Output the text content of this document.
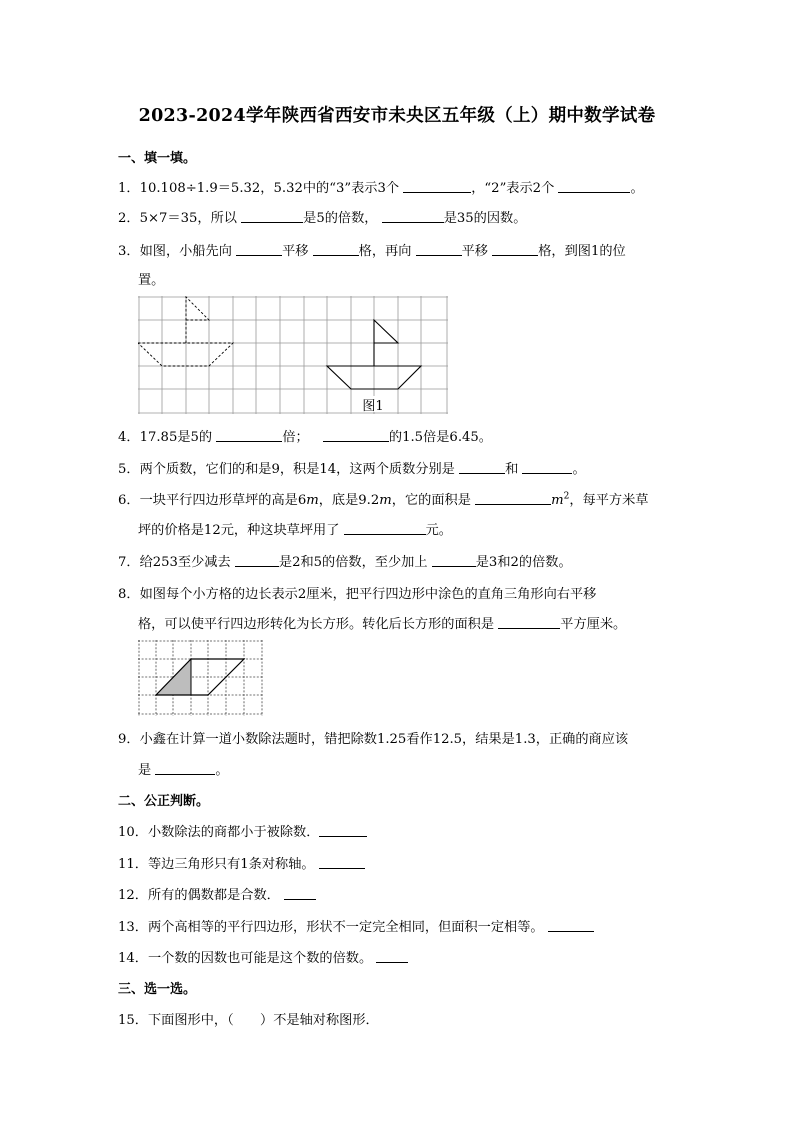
2023-2024学年陕西省西安市未央区五年级（上）期中数学试卷
一、填一填。
1．10.108÷1.9＝5.32，5.32中的“3”表示3个	，“2”表示2个	。
2．5×7＝35，所以	是5的倍数，	是35的因数。
3．如图，小船先向	平移	格，再向	平移	格，到图1的位
置。
图1
4．17.85是5的	倍；	的1.5倍是6.45。
5．两个质数，它们的和是9，积是14，这两个质数分别是	和	。
6．一块平行四边形草坪的高是6m，底是9.2m，它的面积是	$m^2$，每平方米草
坪的价格是12元，种这块草坪用了	元。
7．给253至少减去	是2和5的倍数，至少加上	是3和2的倍数。
8．如图每个小方格的边长表示2厘米，把平行四边形中涂色的直角三角形向右平移
格，可以使平行四边形转化为长方形。转化后长方形的面积是	平方厘米。
9．小鑫在计算一道小数除法题时，错把除数1.25看作12.5，结果是1.3，正确的商应该
是	。
二、公正判断。
10．小数除法的商都小于被除数．
11．等边三角形只有1条对称轴。
12．所有的偶数都是合数．
13．两个高相等的平行四边形，形状不一定完全相同，但面积一定相等。
14．一个数的因数也可能是这个数的倍数。
三、选一选。
15．下面图形中，（　　）不是轴对称图形．
